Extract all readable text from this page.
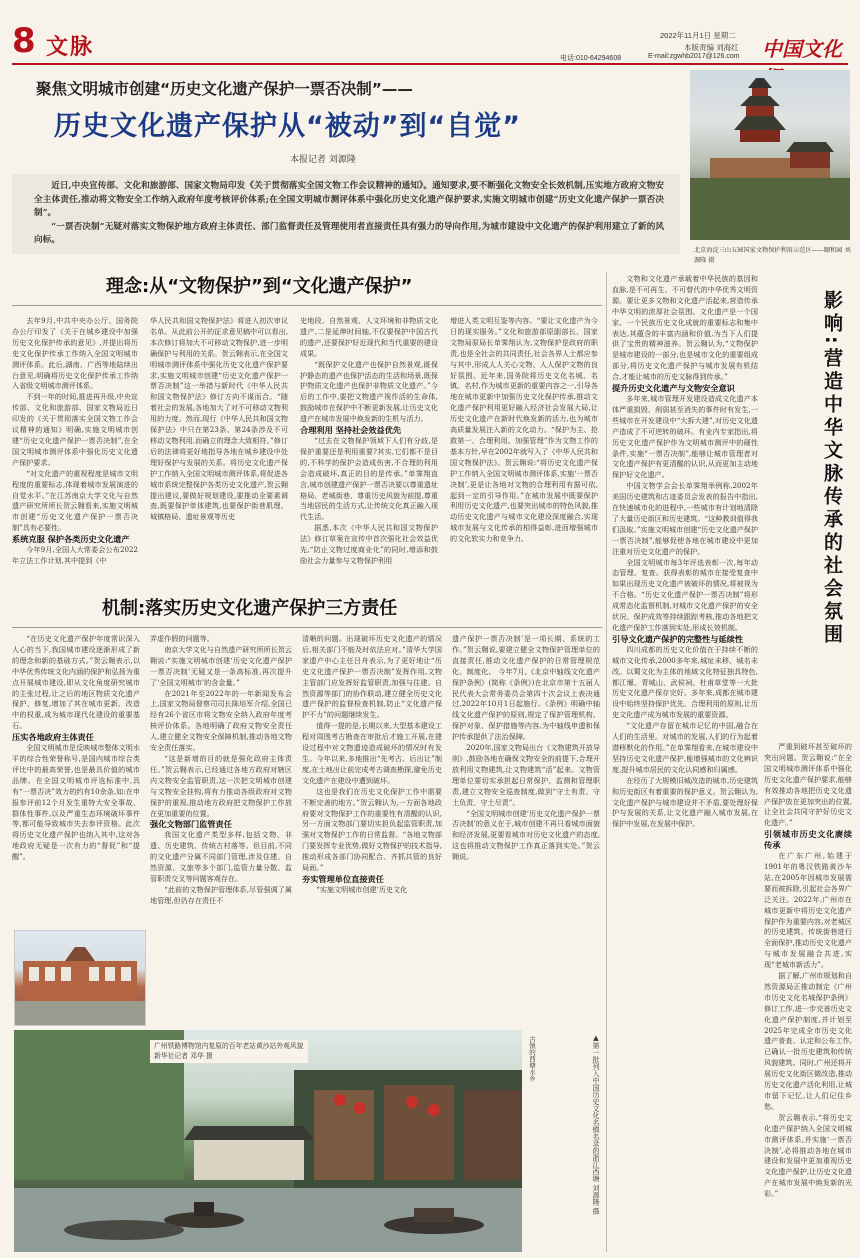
8 文脉	2022年11月1日 星期二
本版责编 刘海红
电话:010-64294608	E-mail:zgwhb2017@126.com 中国文化
聚焦文明城市创建“历史文化遗产保护一票否决制”——
历史文化遗产保护从“被动”到“自觉”
本报记者 刘源隆

近日,中央宣传部、文化和旅游部、国家文物局印发《关于贯彻落实全国文物工作会议精神的通知》。通知要求,要不断强化文物安全长效机制,压实地方政府文物安全主体责任,推动将文物安全工作纳入政府年度考核评价体系;在全国文明城市测评体系中强化历史文化遗产保护要求,实施文明城市创建“历史文化遗产保护一票否决制”。

“一票否决制”无疑对落实文物保护地方政府主体责任、部门监督责任及管理使用者直接责任具有强力的导向作用,为城市建设中文化遗产的保护利用建立了新的风向标。

北京海淀三山五园国家文物保护利用示范区——颐和园 刘源隆 摄
理念:从“文物保护”到“文化遗产保护”

去年9月,中共中央办公厅、国务院办公厅印发了《关于在城乡建设中加强历史文化保护传承的意见》,并提出将历史文化保护传承工作纳入全国文明城市测评体系。此后,湖南、广西等地陆续出台意见,明确将历史文化保护传承工作纳入省级文明城市测评体系。

不到一年的时间,推进再升级,中央宣传部、文化和旅游部、国家文物局近日印发的《关于贯彻落实全国文物工作会议精神的通知》明确,实施文明城市创建“历史文化遗产保护一票否决制”,在全国文明城市测评体系中强化历史文化遗产保护要求。

“对文化遗产的重视程度是城市文明程度的重要标志,体现着城市发展演进的自觉水平。”在江苏南京大学文化与自然遗产研究所所长贺云翱看来,实施文明城市创建“历史文化遗产保护一票否决制”具有必要性。

系统克服 保护各类历史文化遗产

今年9月,全国人大常委会公布2022年立法工作计划,其中提到《中

华人民共和国文物保护法》将进入初次审议名单。从此前公开的征求意见稿中可以看出,本次修订将加大不可移动文物保护,进一步明确保护与利用的关系。贺云翱表示,在全国文明城市测评体系中强化历史文化遗产保护要求,实施文明城市创建“历史文化遗产保护一票否决制”这一举措与新时代《中华人民共和国文物保护法》修订方向不谋而合。“随着社会的发展,各地加大了对不可移动文物利用的力度。然而,现行《中华人民共和国文物保护法》中只在第23条、第24条涉及不可移动文物利用,而确立的理念大致相符。”修订后的法律将更好地指导各地在城乡建设中处理好保护与发展的关系。将历史文化遗产保护工作纳入全国文明城市测评体系,将促进各城市系统完整保护各类历史文化遗产,贺云翱提出建议,要做好规划建设,要推动全要素调查,既要保护单体建筑,也要保护街巷肌理、城镇格局、遗址景观等历史

史地段、自然景观、人文环境和非物质文化遗产,二是延伸时间轴,不仅要保护中国古代的遗产,还要保护好近现代和当代重要的建设成果。

“既保护文化遗产也保护自然景观,既保护静态的遗产也保护活态的生活和场景,既保护物质文化遗产也保护非物质文化遗产。”今后的工作中,要把文物遗产视作活的生命体,鼓励城市在保护中不断更新发展,让历史文化遗产在城市发展中焕发新的生机与活力。

合理利用 坚持社会效益优先

“过去在文物保护领域下人们有分歧,是保护重要还是利用重要?其实,它们都不是目的,不科学的保护会造成伤害,不合理的利用会造成破坏,真正的目的是传承。”单霁翔直言,城市创建遗产保护一票否决要以尊重遗址格局、老城街巷、尊重历史风貌为前提,尊重当地居民的生活方式,让传统文化真正融入现代生活。

据悉,本次《中华人民共和国文物保护法》修订草案在宣传中首次强化社会效益优先,“防止文物过度商业化”的同时,增添和鼓励社会力量参与文物保护利用

增进人类文明互鉴等内容。“要让文化遗产为今日的现实服务。”文化和旅游部原副部长、国家文物局原局长单霁翔认为,文物保护是政府的职责,也是全社会的共同责任,社会各界人士都应参与其中,形成人人关心文物、人人保护文物的良好氛围。近年来,国务院将历史文化名城、名镇、名村,作为城市更新的重要内容之一,引导各地在城市更新中加强历史文化保护传承,推动文化遗产保护利用更好融入经济社会发展大局,让历史文化遗产在新时代焕发新的活力,也为城市高质量发展注入新的文化动力。“保护为主、抢救第一、合理利用、加强管理”作为文物工作的基本方针,早在2002年就写入了《中华人民共和国文物保护法》。贺云翱说:“将历史文化遗产保护工作纳入全国文明城市测评体系,实施‘一票否决制’,更是让各地对文物的合理利用有据可依,起到一定的引导作用。”在城市发展中既要保护利用历史文化遗产,也要突出城市的特色风貌,推动历史文化遗产与城市文化建设深度融合,实现城市发展与文化传承的相得益彰,进而增强城市的文化软实力和竞争力。

机制:落实历史文化遗产保护三方责任

“在历史文化遗产保护年度常识深入人心的当下,我国城市建设逐渐形成了新的理念和新的基础方式。”贺云翱表示,以中华优秀传统文化内涵的保护和弘扬为重点开展城市建设,即从文化角度研究城市的主张过程,让之后的地区物质文化遗产保护、修复,增加了其在城市更新、改造中的权重,成为城市现代化建设的重要基石。

压实各地政府主体责任

全国文明城市是反映城市整体文明水平的综合性荣誉称号,是国内城市综合类评比中的最高荣誉,也是最具价值的城市品牌。在全国文明城市评选标准中,具有“一票否决”效力的约有10余条,如:在申报参评前12个月发生重特大安全事故、群体性事件,以及严重生态环境破坏事件等,都可能导致城市失去参评资格。此次将历史文化遗产保护也纳入其中,这对各地政府无疑是一次有力的“督促”和“提醒”。

弄虚作假的问题等。

南京大学文化与自然遗产研究所所长贺云翱说:“实施文明城市创建‘历史文化遗产保护一票否决制’无疑又是一条高标准,再次提升了‘全国文明城市’的含金量。”

在2021年至2022年的一年新闻发布会上,国家文物局督察司司长陈培军介绍,全国已经有26个省区市将文物安全纳入政府年度考核评价体系。各地明确了政府文物安全责任人,建立健全文物安全保障机制,推动各地文物安全责任落实。

“这是新增的目的就是强化政府主体责任。”贺云翱表示,已经通过各地方政府对辖区内文物安全监管职责,这一次把文明城市创建与文物安全挂钩,将有力推动各级政府对文物保护的重视,推动地方政府把文物保护工作放在更加重要的位置。

强化文物部门监管责任

我国文化遗产类型多样,包括文物、非遗、历史建筑、传统古村落等。但目前,不同的文化遗产分属不同部门管理,涉及住建、自然资源、文旅等多个部门,监管力量分散、监管职责交叉等问题客观存在。

“此前的文物保护管理体系,尽管强调了属地管理,但仍存在责任不

清晰的问题。出现破坏历史文化遗产的情况后,相关部门不能及时依法应对。”清华大学国家遗产中心主任吕舟表示,为了更好地让“历史文化遗产保护一票否决制”发挥作用,文物主管部门应发挥好监管职责,加强与住建、自然资源等部门的协作联动,建立健全历史文化遗产保护的监督检查机制,防止“文化遗产保护不力”的问题继续发生。

值得一提的是,长期以来,大型基本建设工程对周围考古勘查在审批后才施工开展,在建设过程中对文物遗迹造成破坏的情况时有发生。今年以来,多地推出“先考古、后出让”制度,在土地出让前完成考古调查勘探,避免历史文化遗产在建设中遭到破坏。

这也是我们在历史文化保护工作中需要不断完善的地方。”贺云翱认为,一方面各地政府要对文物保护工作的重要性有清醒的认识,另一方面文物部门要切实担负起监管职责,加强对文物保护工作的日常监督。“各地文物部门要发挥专业优势,做好文物保护的技术指导,推动形成各部门协同配合、齐抓共管的良好局面。”

夯实管理单位直接责任

“实施文明城市创建‘历史文化

遗产保护一票否决制’是一项长期、系统的工作。”贺云翱说,要建立健全文物保护管理单位的直接责任,推动文化遗产保护的日常管理规范化、制度化。 今年7月,《北京中轴线文化遗产保护条例》(简称《条例》)在北京市第十五届人民代表大会常务委员会第四十次会议上表决通过,2022年10月1日起施行。《条例》明确中轴线文化遗产保护的原则,规定了保护管理机构、保护对象、保护措施等内容,为中轴线申遗和保护传承提供了法治保障。

2020年,国家文物局出台《文物建筑开放导则》,鼓励各地在确保文物安全的前提下,合理开放利用文物建筑,让文物建筑“活”起来。文物管理单位要切实承担起日常保护、监测和管理职责,建立文物安全巡查制度,做到“守土有责、守土负责、守土尽责”。

“全国文明城市创建‘历史文化遗产保护一票否决制’的意义在于,城市创建不再只看城市面貌和经济发展,更要看城市对历史文化遗产的态度,这也将推动文物保护工作真正落到实处。”贺云翱说。

文物和文化遗产承载着中华民族的基因和血脉,是不可再生、不可替代的中华优秀文明资源。要让更多文物和文化遗产活起来,营造传承中华文明的浓厚社会氛围。文化遗产是一个国家、一个民族历史文化成就的重要标志和集中表达,其蕴含的丰富内涵和价值,为当下人们提供了宝贵的精神滋养。贺云翱认为,“文物保护是城市建设的一部分,也是城市文化的重要组成部分,将历史文化遗产保护与城市发展有机结合,才能让城市的历史文脉得到传承。”

提升历史文化遗产与文物安全意识

多年来,城市管理开发建设造成文化遗产本体严重损毁、削弱甚至消失的事件时有发生,一些城市在开发建设中“大拆大建”,对历史文化遗产造成了不可逆转的破坏。有业内专家指出,将历史文化遗产保护作为文明城市测评中的硬性条件,实施“一票否决制”,能够让城市管理者对文化遗产保护有更清醒的认识,从而更加主动地保护好文化遗产。

中国文物学会会长单霁翔举例称,2002年美国历史建筑和古迹委员会发表的报告中指出,在快速城市化的进程中,一些城市有计划地清除了大量历史街区和历史建筑。“这种教训值得我们汲取。”实施文明城市创建“历史文化遗产保护一票否决制”,能够促使各地在城市建设中更加注重对历史文化遗产的保护。

全国文明城市每3年评选表彰一次,每年动态管理、复查。获得表彰的城市在接受复查中如果出现历史文化遗产被破坏的情况,将被视为不合格。“历史文化遗产保护一票否决制”将形成常态化监督机制,对城市文化遗产保护的安全状况、保护成效等持续跟踪考核,推动各地把文化遗产保护工作落到实处,形成长效机制。

引导文化遗产保护的完整性与延续性

四川成都的历史文化价值在于持续不断的城市文化传承,2000多年来,城址未移、城名未改。以蜀文化为主体的地域文化特征独具特色,都江堰、青城山、武侯祠、杜甫草堂等一大批历史文化遗产保存完好。多年来,成都在城市建设中始终坚持保护优先、合理利用的原则,让历史文化遗产成为城市发展的重要资源。

“文化遗产存留在城市记忆的中国,融合在人们的生活里。对城市的发展,人们的行为起着潜移默化的作用。”在单霁翔看来,在城市建设中坚持历史文化遗产保护,能增强城市的文化辨识度,提升城市居民的文化认同感和归属感。

在经历了大规模旧城改造的城市,历史建筑和历史街区有着重要的保护意义。贺云翱认为,文化遗产保护与城市建设并不矛盾,要处理好保护与发展的关系,让文化遗产融入城市发展,在保护中发展,在发展中保护。

影响:营造中华文脉传承的社会氛围

严重到破坏甚至破坏的突出问题。贺云翱说:“在全国文明城市测评体系中强化历史文化遗产保护要求,能够有效推动各地把历史文化遗产保护放在更加突出的位置,让全社会共同守护好历史文化遗产。”

引领城市历史文化赓续传承

在广东广州,始建于1901年的粤汉铁路黄沙车站,在2005年因城市发展需要而被拆除,引起社会各界广泛关注。2022年,广州市在城市更新中将历史文化遗产保护作为重要内容,对老城区的历史建筑、传统街巷进行全面保护,推动历史文化遗产与城市发展融合共进,实现“老城市新活力”。

据了解,广州市规划和自然资源局正推动制定《广州市历史文化名城保护条例》修订工作,进一步完善历史文化遗产保护制度,并计划至2025年完成全市历史文化遗产普查、认定和公布工作,已确认一批历史建筑和传统风貌建筑。同时,广州还将开展历史文化街区微改造,推动历史文化遗产活化利用,让城市留下记忆,让人们记住乡愁。

贺云翱表示,“将历史文化遗产保护纳入全国文明城市测评体系,并实施‘一票否决制’,必将推动各地在城市建设和发展中更加重视历史文化遗产保护,让历史文化遗产在城市发展中焕发新的光彩。”

广州铁路博物馆内复原的百年老站黄沙站外观风貌 新华社记者 邓华 摄	古镇的西塘水乡	▲第一批列入中国历史文化名镇名录的浙江西塘 刘源隆 摄
